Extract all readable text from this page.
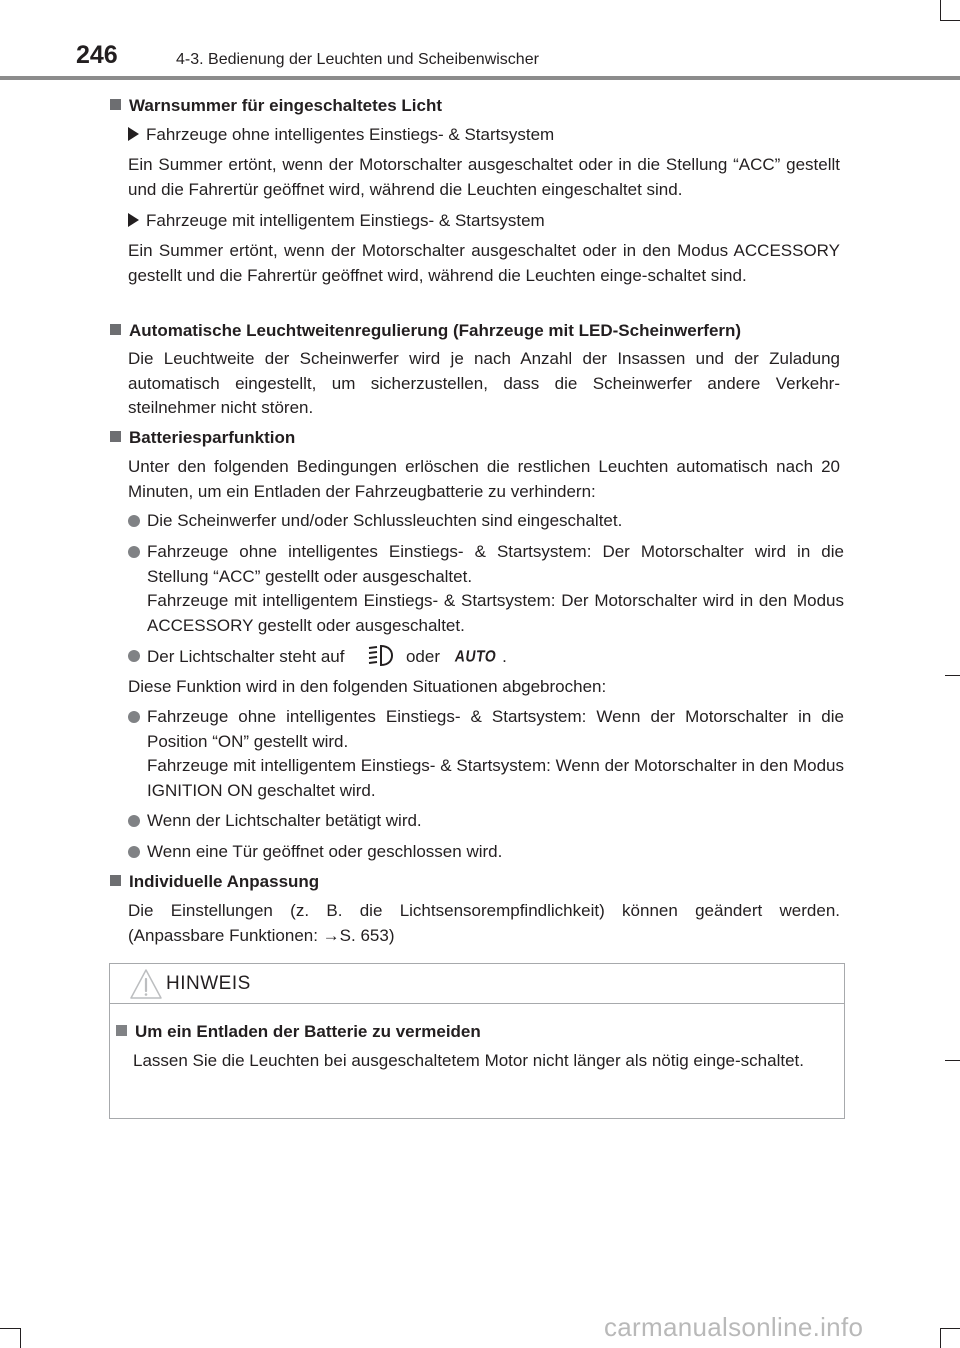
246	4-3. Bedienung der Leuchten und Scheibenwischer
Warnsummer für eingeschaltetes Licht
Fahrzeuge ohne intelligentes Einstiegs- & Startsystem
Ein Summer ertönt, wenn der Motorschalter ausgeschaltet oder in die Stellung “ACC” gestellt und die Fahrertür geöffnet wird, während die Leuchten eingeschaltet sind.
Fahrzeuge mit intelligentem Einstiegs- & Startsystem
Ein Summer ertönt, wenn der Motorschalter ausgeschaltet oder in den Modus ACCESSORY gestellt und die Fahrertür geöffnet wird, während die Leuchten einge-schaltet sind.
Automatische Leuchtweitenregulierung (Fahrzeuge mit LED-Scheinwerfern)
Die Leuchtweite der Scheinwerfer wird je nach Anzahl der Insassen und der Zuladung automatisch eingestellt, um sicherzustellen, dass die Scheinwerfer andere Verkehr-steilnehmer nicht stören.
Batteriesparfunktion
Unter den folgenden Bedingungen erlöschen die restlichen Leuchten automatisch nach 20 Minuten, um ein Entladen der Fahrzeugbatterie zu verhindern:
Die Scheinwerfer und/oder Schlussleuchten sind eingeschaltet.
Fahrzeuge ohne intelligentes Einstiegs- & Startsystem: Der Motorschalter wird in die Stellung “ACC” gestellt oder ausgeschaltet.
Fahrzeuge mit intelligentem Einstiegs- & Startsystem: Der Motorschalter wird in den Modus ACCESSORY gestellt oder ausgeschaltet.
Der Lichtschalter steht auf	oder AUTO .
Diese Funktion wird in den folgenden Situationen abgebrochen:
Fahrzeuge ohne intelligentes Einstiegs- & Startsystem: Wenn der Motorschalter in die Position “ON” gestellt wird.
Fahrzeuge mit intelligentem Einstiegs- & Startsystem: Wenn der Motorschalter in den Modus IGNITION ON geschaltet wird.
Wenn der Lichtschalter betätigt wird.
Wenn eine Tür geöffnet oder geschlossen wird.
Individuelle Anpassung
Die Einstellungen (z. B. die Lichtsensorempfindlichkeit) können geändert werden.
(Anpassbare Funktionen: →S. 653)
HINWEIS
Um ein Entladen der Batterie zu vermeiden
Lassen Sie die Leuchten bei ausgeschaltetem Motor nicht länger als nötig einge-schaltet.
carmanualsonline.info
